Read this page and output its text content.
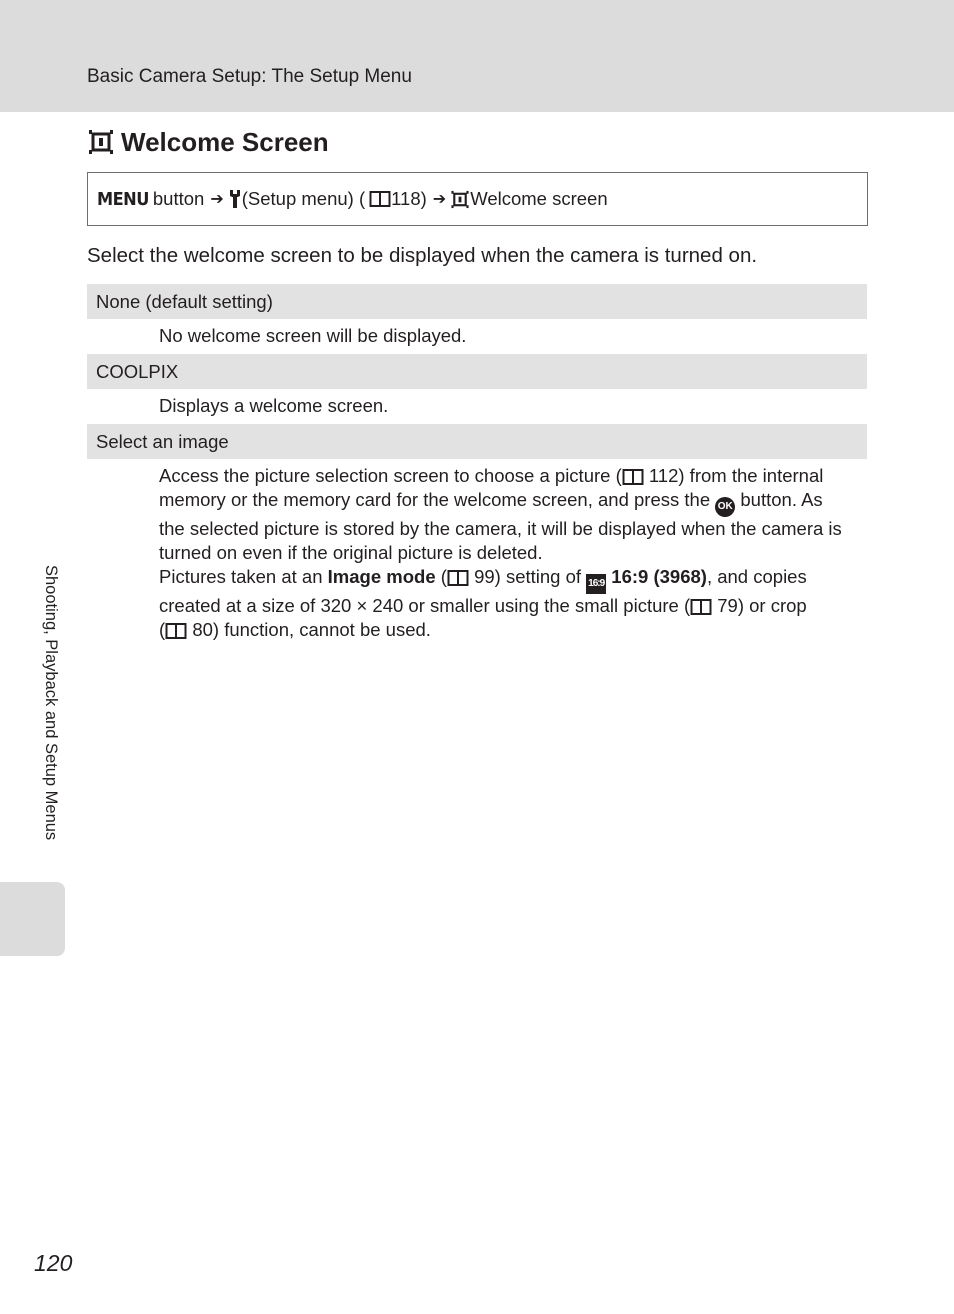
Basic Camera Setup: The Setup Menu
Welcome Screen
MENU button ➔ (Setup menu) ( 118) ➔ Welcome screen
Select the welcome screen to be displayed when the camera is turned on.
None (default setting)
No welcome screen will be displayed.
COOLPIX
Displays a welcome screen.
Select an image
Access the picture selection screen to choose a picture ( 112) from the internal
memory or the memory card for the welcome screen, and press the OK button. As
the selected picture is stored by the camera, it will be displayed when the camera is
turned on even if the original picture is deleted.
Pictures taken at an Image mode ( 99) setting of 16:9 16:9 (3968), and copies
created at a size of 320 × 240 or smaller using the small picture ( 79) or crop
( 80) function, cannot be used.
Shooting, Playback and Setup Menus
120
